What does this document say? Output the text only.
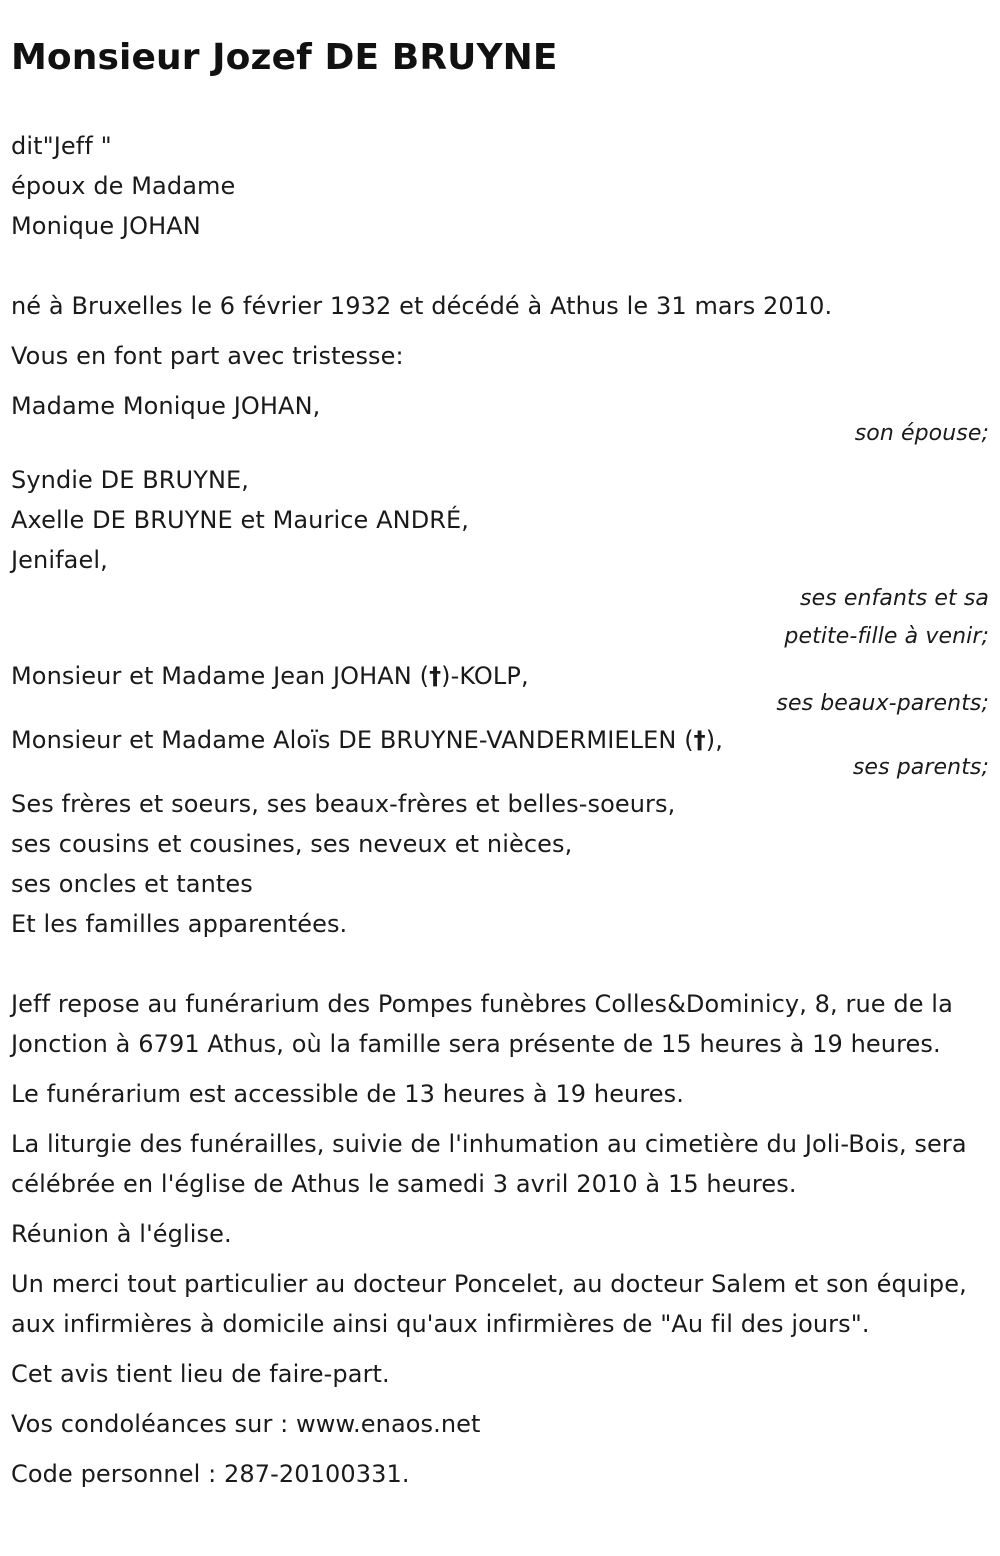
Monsieur Jozef DE BRUYNE
dit"Jeff "
époux de Madame
Monique JOHAN
né à Bruxelles le 6 février 1932 et décédé à Athus le 31 mars 2010.
Vous en font part avec tristesse:
Madame Monique JOHAN,
son épouse;
Syndie DE BRUYNE,
Axelle DE BRUYNE et Maurice ANDRÉ,
Jenifael,
ses enfants et sa
petite-fille à venir;
Monsieur et Madame Jean JOHAN (†)-KOLP,
ses beaux-parents;
Monsieur et Madame Aloïs DE BRUYNE-VANDERMIELEN (†),
ses parents;
Ses frères et soeurs, ses beaux-frères et belles-soeurs,
ses cousins et cousines, ses neveux et nièces,
ses oncles et tantes
Et les familles apparentées.

Jeff repose au funérarium des Pompes funèbres Colles&Dominicy, 8, rue de la Jonction à 6791 Athus, où la famille sera présente de 15 heures à 19 heures.

Le funérarium est accessible de 13 heures à 19 heures.

La liturgie des funérailles, suivie de l'inhumation au cimetière du Joli-Bois, sera célébrée en l'église de Athus le samedi 3 avril 2010 à 15 heures.

Réunion à l'église.

Un merci tout particulier au docteur Poncelet, au docteur Salem et son équipe, aux infirmières à domicile ainsi qu'aux infirmières de "Au fil des jours".

Cet avis tient lieu de faire-part.

Vos condoléances sur : www.enaos.net

Code personnel : 287-20100331.
